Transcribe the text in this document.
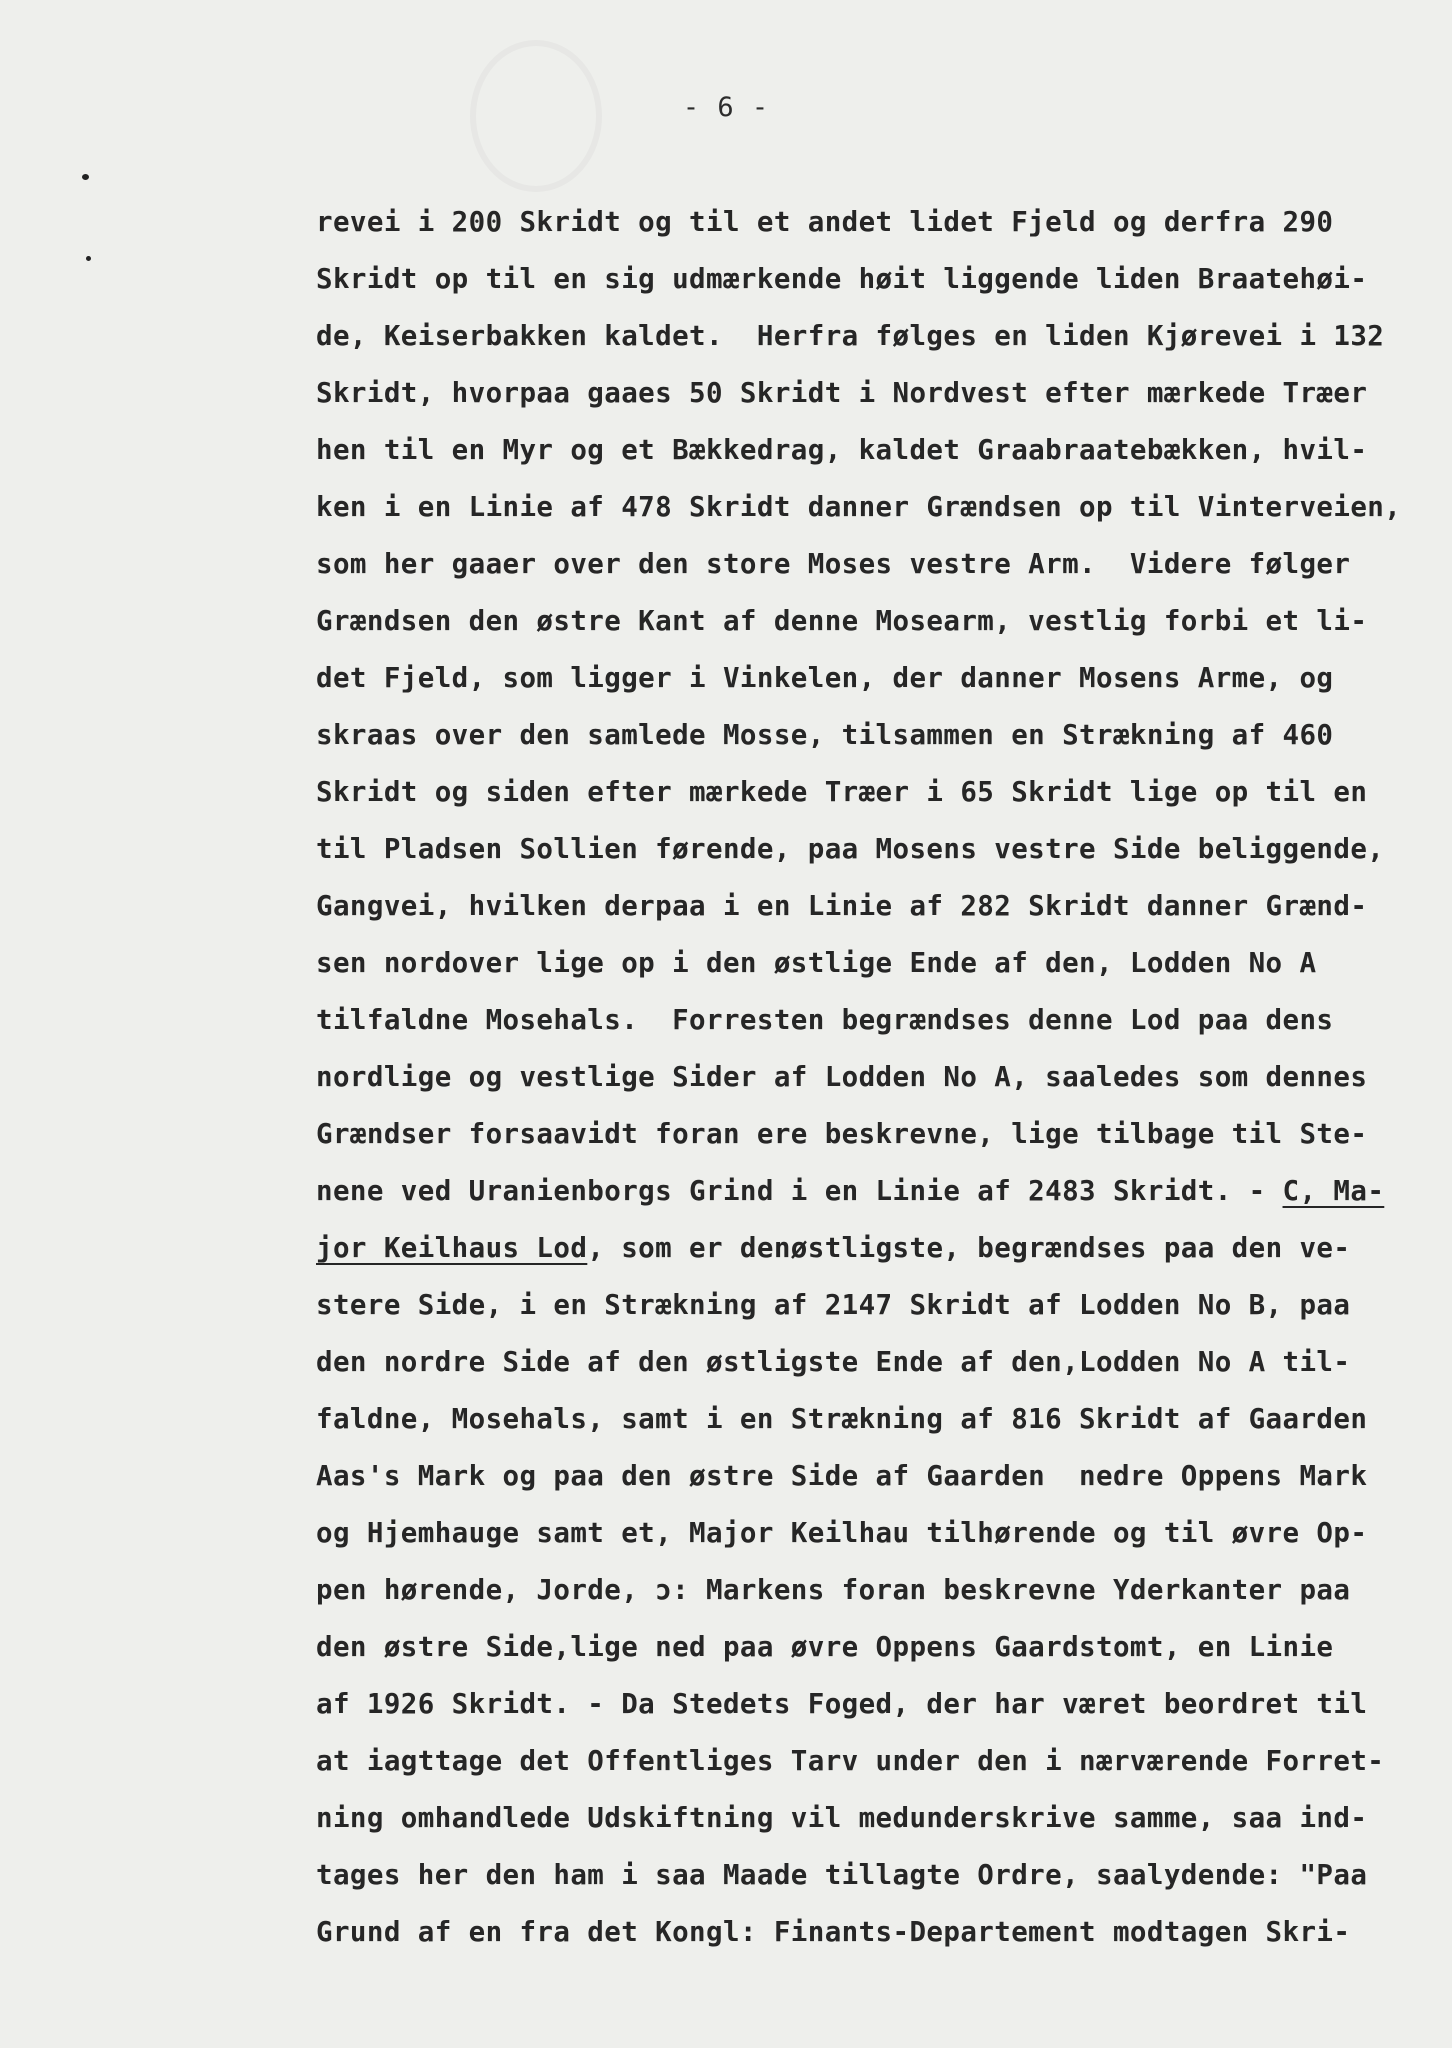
- 6 -
revei i 200 Skridt og til et andet lidet Fjeld og derfra 290
Skridt op til en sig udmærkende høit liggende liden Braatehøi-
de, Keiserbakken kaldet.  Herfra følges en liden Kjørevei i 132
Skridt, hvorpaa gaaes 50 Skridt i Nordvest efter mærkede Træer
hen til en Myr og et Bækkedrag, kaldet Graabraatebækken, hvil-
ken i en Linie af 478 Skridt danner Grændsen op til Vinterveien,
som her gaaer over den store Moses vestre Arm.  Videre følger
Grændsen den østre Kant af denne Mosearm, vestlig forbi et li-
det Fjeld, som ligger i Vinkelen, der danner Mosens Arme, og
skraas over den samlede Mosse, tilsammen en Strækning af 460
Skridt og siden efter mærkede Træer i 65 Skridt lige op til en
til Pladsen Sollien førende, paa Mosens vestre Side beliggende,
Gangvei, hvilken derpaa i en Linie af 282 Skridt danner Grænd-
sen nordover lige op i den østlige Ende af den, Lodden No A
tilfaldne Mosehals.  Forresten begrændses denne Lod paa dens
nordlige og vestlige Sider af Lodden No A, saaledes som dennes
Grændser forsaavidt foran ere beskrevne, lige tilbage til Ste-
nene ved Uranienborgs Grind i en Linie af 2483 Skridt. - C, Ma-
jor Keilhaus Lod, som er denøstligste, begrændses paa den ve-
stere Side, i en Strækning af 2147 Skridt af Lodden No B, paa
den nordre Side af den østligste Ende af den,Lodden No A til-
faldne, Mosehals, samt i en Strækning af 816 Skridt af Gaarden
Aas's Mark og paa den østre Side af Gaarden  nedre Oppens Mark
og Hjemhauge samt et, Major Keilhau tilhørende og til øvre Op-
pen hørende, Jorde, ɔ: Markens foran beskrevne Yderkanter paa
den østre Side,lige ned paa øvre Oppens Gaardstomt, en Linie
af 1926 Skridt. - Da Stedets Foged, der har været beordret til
at iagttage det Offentliges Tarv under den i nærværende Forret-
ning omhandlede Udskiftning vil medunderskrive samme, saa ind-
tages her den ham i saa Maade tillagte Ordre, saalydende: "Paa
Grund af en fra det Kongl: Finants-Departement modtagen Skri-
